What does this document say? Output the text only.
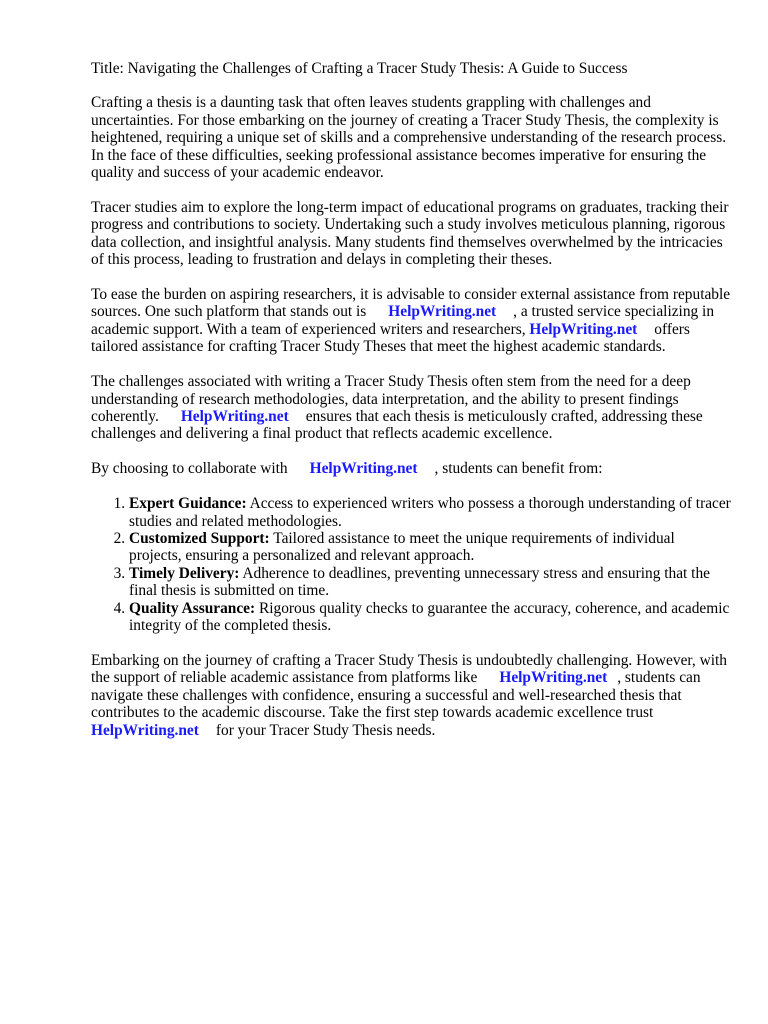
Title: Navigating the Challenges of Crafting a Tracer Study Thesis: A Guide to Success

Crafting a thesis is a daunting task that often leaves students grappling with challenges and uncertainties. For those embarking on the journey of creating a Tracer Study Thesis, the complexity is heightened, requiring a unique set of skills and a comprehensive understanding of the research process. In the face of these difficulties, seeking professional assistance becomes imperative for ensuring the quality and success of your academic endeavor.

Tracer studies aim to explore the long-term impact of educational programs on graduates, tracking their progress and contributions to society. Undertaking such a study involves meticulous planning, rigorous data collection, and insightful analysis. Many students find themselves overwhelmed by the intricacies of this process, leading to frustration and delays in completing their theses.

To ease the burden on aspiring researchers, it is advisable to consider external assistance from reputable sources. One such platform that stands out is HelpWriting.net , a trusted service specializing in academic support. With a team of experienced writers and researchers, HelpWriting.net offers tailored assistance for crafting Tracer Study Theses that meet the highest academic standards.

The challenges associated with writing a Tracer Study Thesis often stem from the need for a deep understanding of research methodologies, data interpretation, and the ability to present findings coherently. HelpWriting.net ensures that each thesis is meticulously crafted, addressing these challenges and delivering a final product that reflects academic excellence.

By choosing to collaborate with HelpWriting.net , students can benefit from:

1. Expert Guidance: Access to experienced writers who possess a thorough understanding of tracer studies and related methodologies.
2. Customized Support: Tailored assistance to meet the unique requirements of individual projects, ensuring a personalized and relevant approach.
3. Timely Delivery: Adherence to deadlines, preventing unnecessary stress and ensuring that the final thesis is submitted on time.
4. Quality Assurance: Rigorous quality checks to guarantee the accuracy, coherence, and academic integrity of the completed thesis.

Embarking on the journey of crafting a Tracer Study Thesis is undoubtedly challenging. However, with the support of reliable academic assistance from platforms like HelpWriting.net , students can navigate these challenges with confidence, ensuring a successful and well-researched thesis that contributes to the academic discourse. Take the first step towards academic excellence trustHelpWriting.net for your Tracer Study Thesis needs.
